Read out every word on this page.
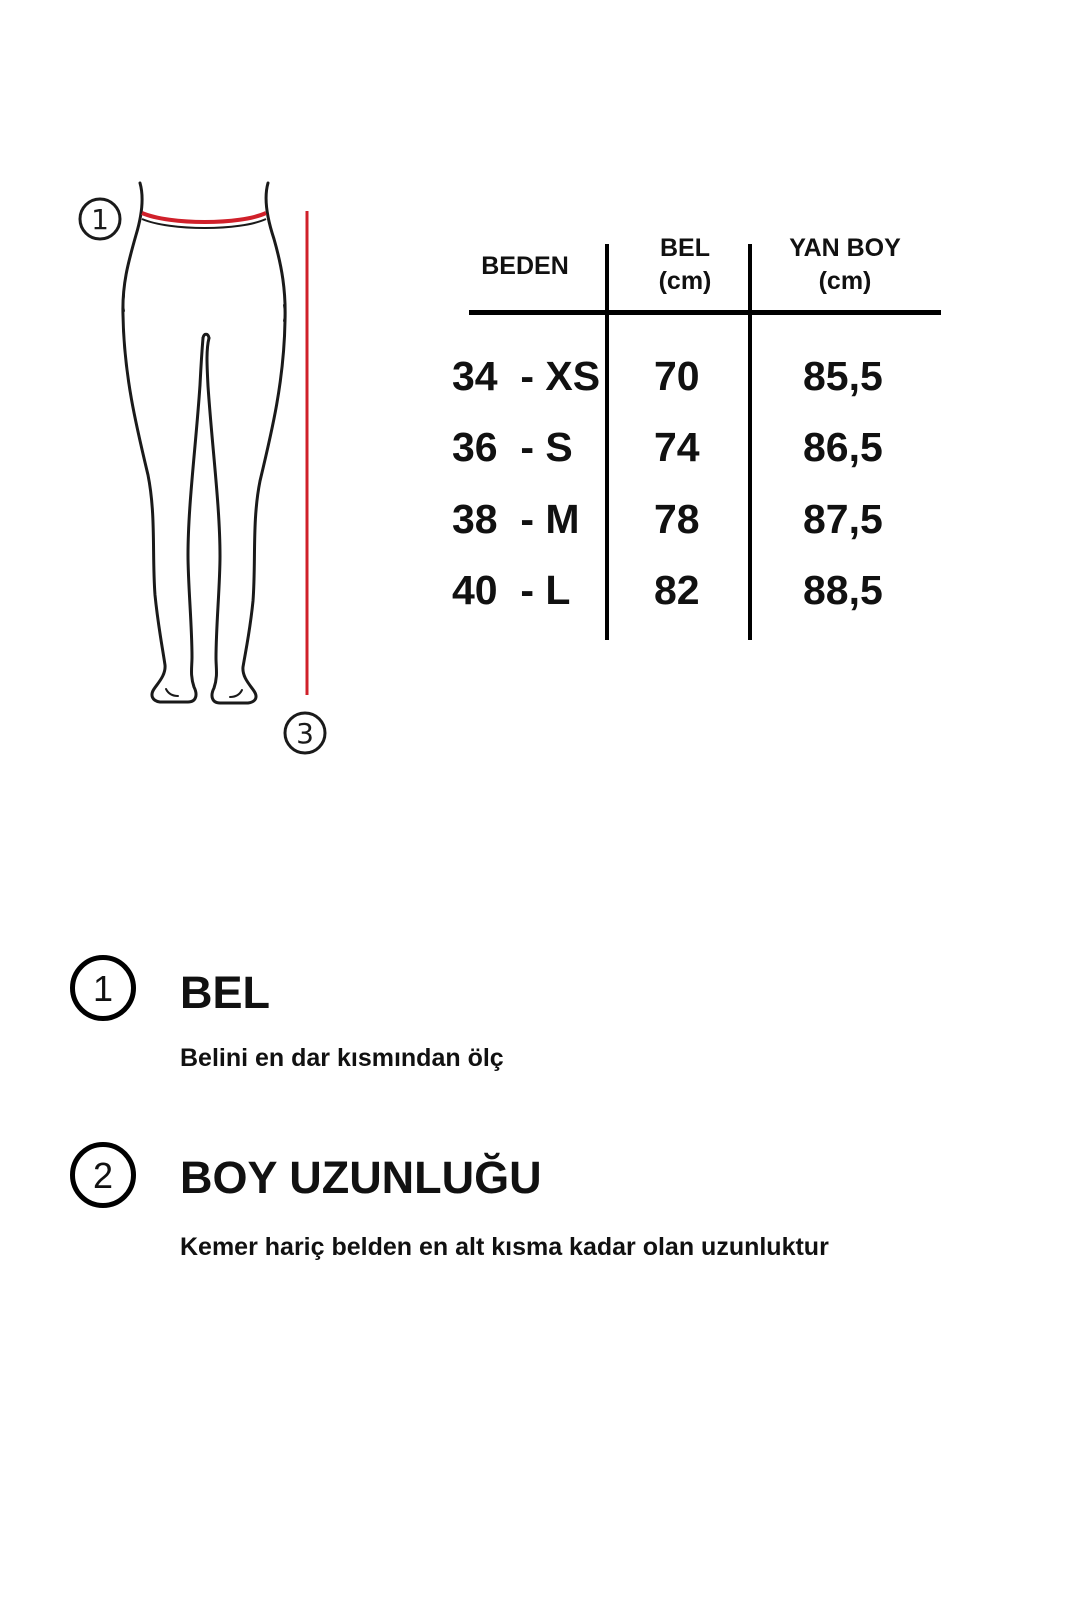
1
3
BEDEN
BEL
(cm)
YAN BOY
(cm)
34  - XS 70	85,5
36  - S 74	86,5
38  - M 78	87,5
40  - L 82	88,5
1	BEL
Belini en dar kısmından ölç
2	BOY UZUNLUĞU
Kemer hariç belden en alt kısma kadar olan uzunluktur
